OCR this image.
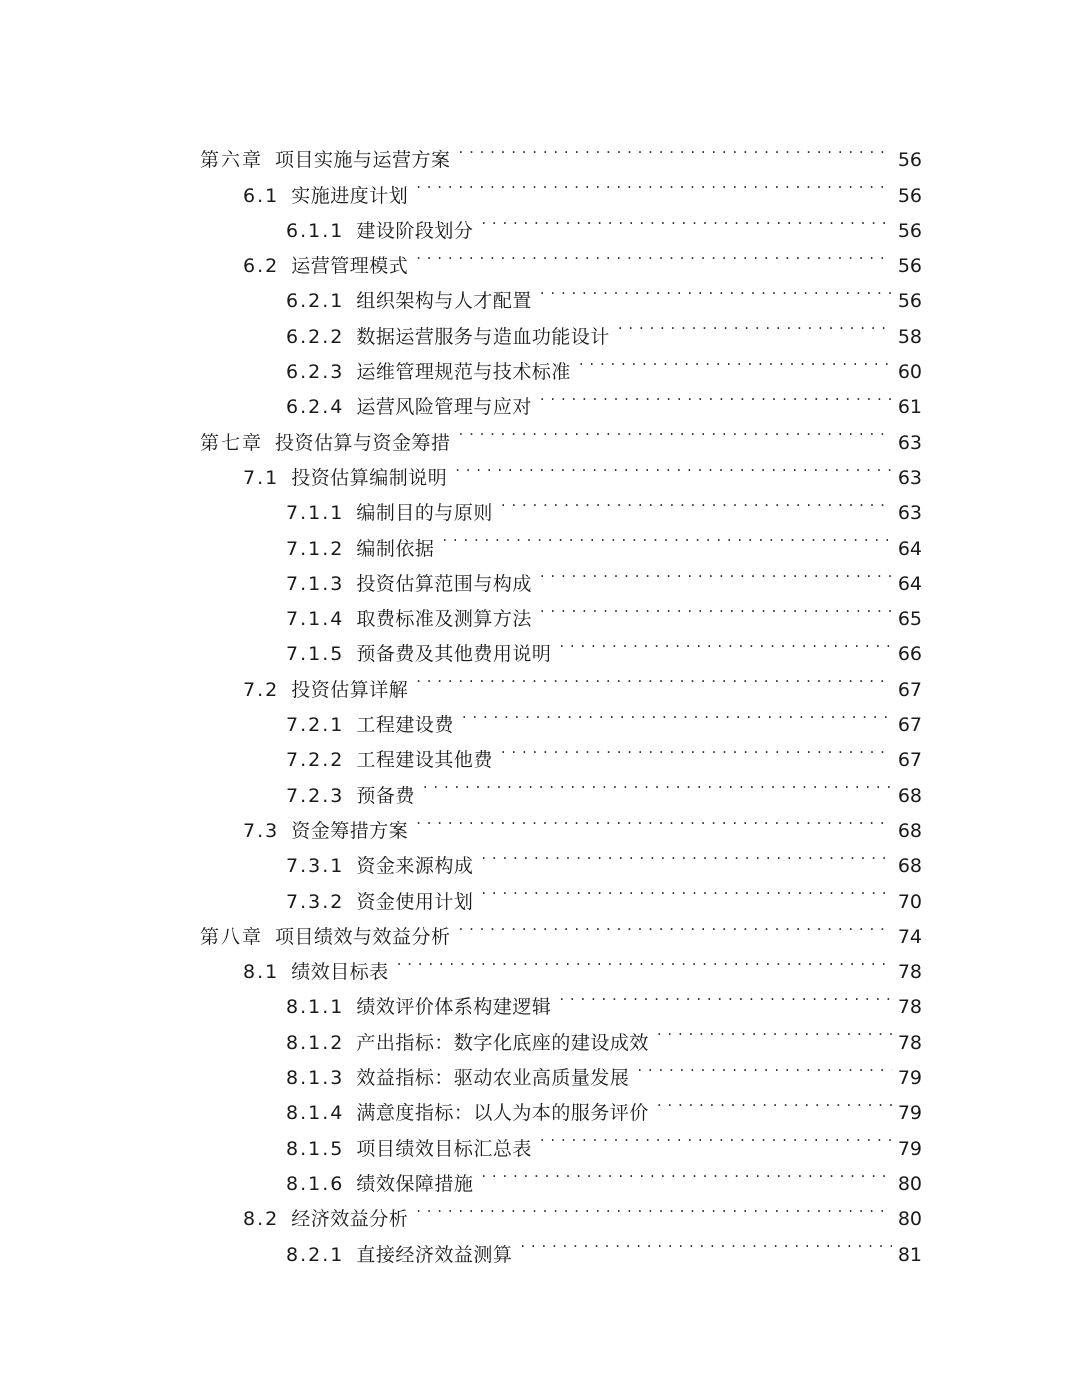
第六章 项目实施与运营方案 . . .	56
6.1 实施进度计划 . . .	56
6.1.1 建设阶段划分 . . .	56
6.2 运营管理模式 . . .	56
6.2.1 组织架构与人才配置 . . .	56
6.2.2 数据运营服务与造血功能设计 . . .	58
6.2.3 运维管理规范与技术标准 . . .	60
6.2.4 运营风险管理与应对 . . .	61
第七章 投资估算与资金筹措 . . .	63
7.1 投资估算编制说明 . . .	63
7.1.1 编制目的与原则 . . .	63
7.1.2 编制依据 . . .	64
7.1.3 投资估算范围与构成 . . .	64
7.1.4 取费标准及测算方法 . . .	65
7.1.5 预备费及其他费用说明 . . .	66
7.2 投资估算详解 . . .	67
7.2.1 工程建设费 . . .	67
7.2.2 工程建设其他费 . . .	67
7.2.3 预备费 . . .	68
7.3 资金筹措方案 . . .	68
7.3.1 资金来源构成 . . .	68
7.3.2 资金使用计划 . . .	70
第八章 项目绩效与效益分析 . . .	74
8.1 绩效目标表 . . .	78
8.1.1 绩效评价体系构建逻辑 . . .	78
8.1.2 产出指标：数字化底座的建设成效 . . .	78
8.1.3 效益指标：驱动农业高质量发展 . . .	79
8.1.4 满意度指标：以人为本的服务评价 . . .	79
8.1.5 项目绩效目标汇总表 . . .	79
8.1.6 绩效保障措施 . . .	80
8.2 经济效益分析 . . .	80
8.2.1 直接经济效益测算 . . .	81
